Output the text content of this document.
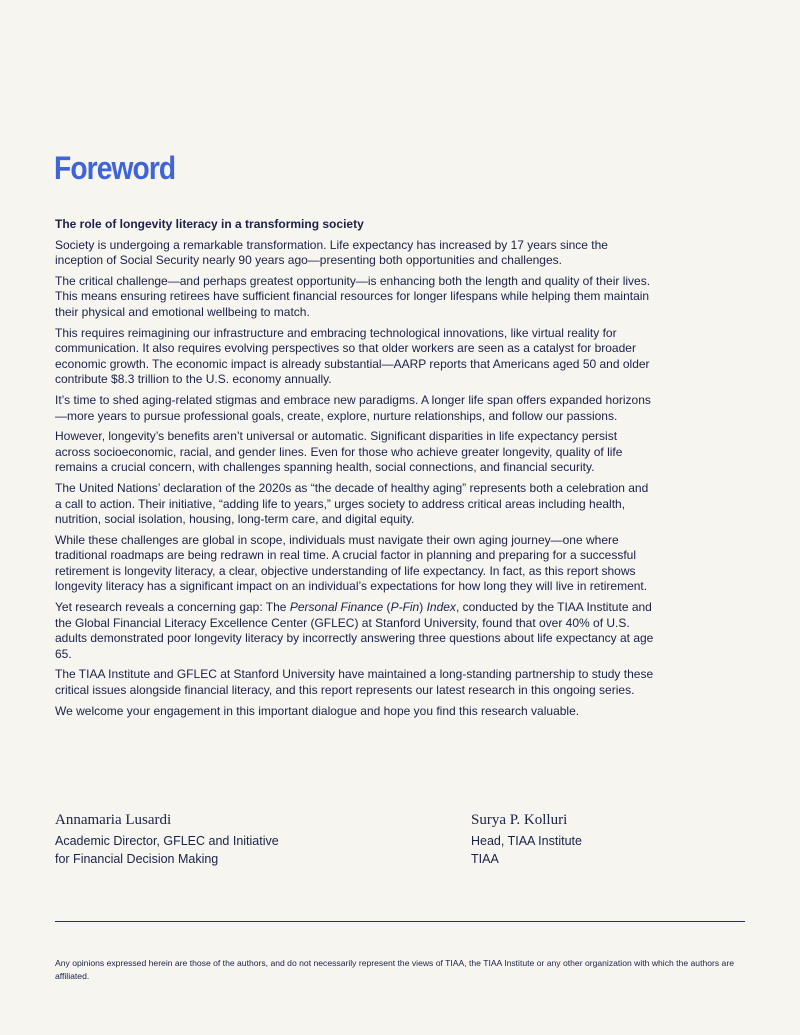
Foreword

The role of longevity literacy in a transforming society

Society is undergoing a remarkable transformation. Life expectancy has increased by 17 years since the inception of Social Security nearly 90 years ago—presenting both opportunities and challenges.

The critical challenge—and perhaps greatest opportunity—is enhancing both the length and quality of their lives. This means ensuring retirees have sufficient financial resources for longer lifespans while helping them maintain their physical and emotional wellbeing to match.

This requires reimagining our infrastructure and embracing technological innovations, like virtual reality for communication. It also requires evolving perspectives so that older workers are seen as a catalyst for broader economic growth. The economic impact is already substantial—AARP reports that Americans aged 50 and older contribute $8.3 trillion to the U.S. economy annually.

It’s time to shed aging-related stigmas and embrace new paradigms. A longer life span offers expanded horizons—more years to pursue professional goals, create, explore, nurture relationships, and follow our passions.

However, longevity’s benefits aren’t universal or automatic. Significant disparities in life expectancy persist across socioeconomic, racial, and gender lines. Even for those who achieve greater longevity, quality of life remains a crucial concern, with challenges spanning health, social connections, and financial security.

The United Nations’ declaration of the 2020s as “the decade of healthy aging” represents both a celebration and a call to action. Their initiative, “adding life to years,” urges society to address critical areas including health, nutrition, social isolation, housing, long-term care, and digital equity.

While these challenges are global in scope, individuals must navigate their own aging journey—one where traditional roadmaps are being redrawn in real time. A crucial factor in planning and preparing for a successful retirement is longevity literacy, a clear, objective understanding of life expectancy. In fact, as this report shows longevity literacy has a significant impact on an individual’s expectations for how long they will live in retirement.

Yet research reveals a concerning gap: The Personal Finance (P-Fin) Index, conducted by the TIAA Institute and the Global Financial Literacy Excellence Center (GFLEC) at Stanford University, found that over 40% of U.S. adults demonstrated poor longevity literacy by incorrectly answering three questions about life expectancy at age 65.

The TIAA Institute and GFLEC at Stanford University have maintained a long-standing partnership to study these critical issues alongside financial literacy, and this report represents our latest research in this ongoing series.

We welcome your engagement in this important dialogue and hope you find this research valuable.

Annamaria Lusardi
Academic Director, GFLEC and Initiative
for Financial Decision Making
Surya P. Kolluri
Head, TIAA Institute
TIAA

Any opinions expressed herein are those of the authors, and do not necessarily represent the views of TIAA, the TIAA Institute or any other organization with which the authors are affiliated.
